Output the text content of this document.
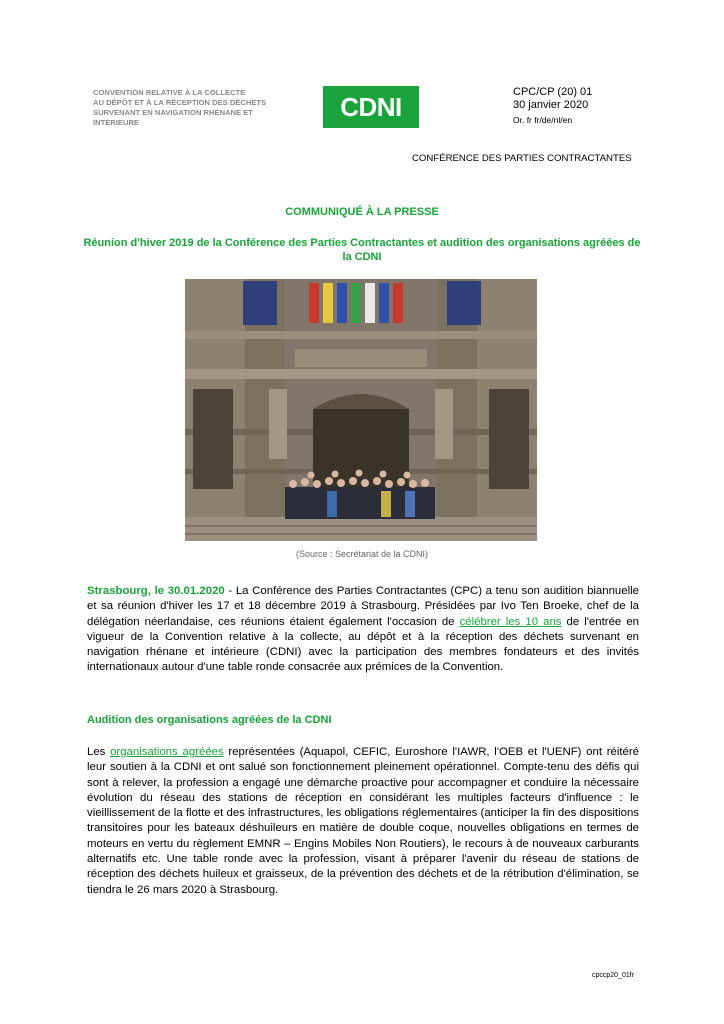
CONVENTION RELATIVE À LA COLLECTE
AU DÉPÔT ET À LA RÉCEPTION DES DÉCHETS
SURVENANT EN NAVIGATION RHÉNANE ET
INTÉRIEURE
CDNI	CPC/CP (20) 01
30 janvier 2020
Or. fr fr/de/nl/en
CONFÉRENCE DES PARTIES CONTRACTANTES
COMMUNIQUÉ À LA PRESSE
Réunion d'hiver 2019 de la Conférence des Parties Contractantes et audition des organisations agréées de la CDNI
(Source : Secrétariat de la CDNI)
Strasbourg, le 30.01.2020 - La Conférence des Parties Contractantes (CPC) a tenu son audition biannuelle et sa réunion d'hiver les 17 et 18 décembre 2019 à Strasbourg. Présidées par Ivo Ten Broeke, chef de la délégation néerlandaise, ces réunions étaient également l'occasion de célébrer les 10 ans de l'entrée en vigueur de la Convention relative à la collecte, au dépôt et à la réception des déchets survenant en navigation rhénane et intérieure (CDNI) avec la participation des membres fondateurs et des invités internationaux autour d'une table ronde consacrée aux prémices de la Convention.
Audition des organisations agréées de la CDNI
Les organisations agréées représentées (Aquapol, CEFIC, Euroshore l'IAWR, l'OEB et l'UENF) ont réitéré leur soutien à la CDNI et ont salué son fonctionnement pleinement opérationnel. Compte-tenu des défis qui sont à relever, la profession a engagé une démarche proactive pour accompagner et conduire la nécessaire évolution du réseau des stations de réception en considérant les multiples facteurs d'influence : le vieillissement de la flotte et des infrastructures, les obligations réglementaires (anticiper la fin des dispositions transitoires pour les bateaux déshuileurs en matière de double coque, nouvelles obligations en termes de moteurs en vertu du règlement EMNR – Engins Mobiles Non Routiers), le recours à de nouveaux carburants alternatifs etc. Une table ronde avec la profession, visant à préparer l'avenir du réseau de stations de réception des déchets huileux et graisseux, de la prévention des déchets et de la rétribution d'élimination, se tiendra le 26 mars 2020 à Strasbourg.
cpccp20_01fr
